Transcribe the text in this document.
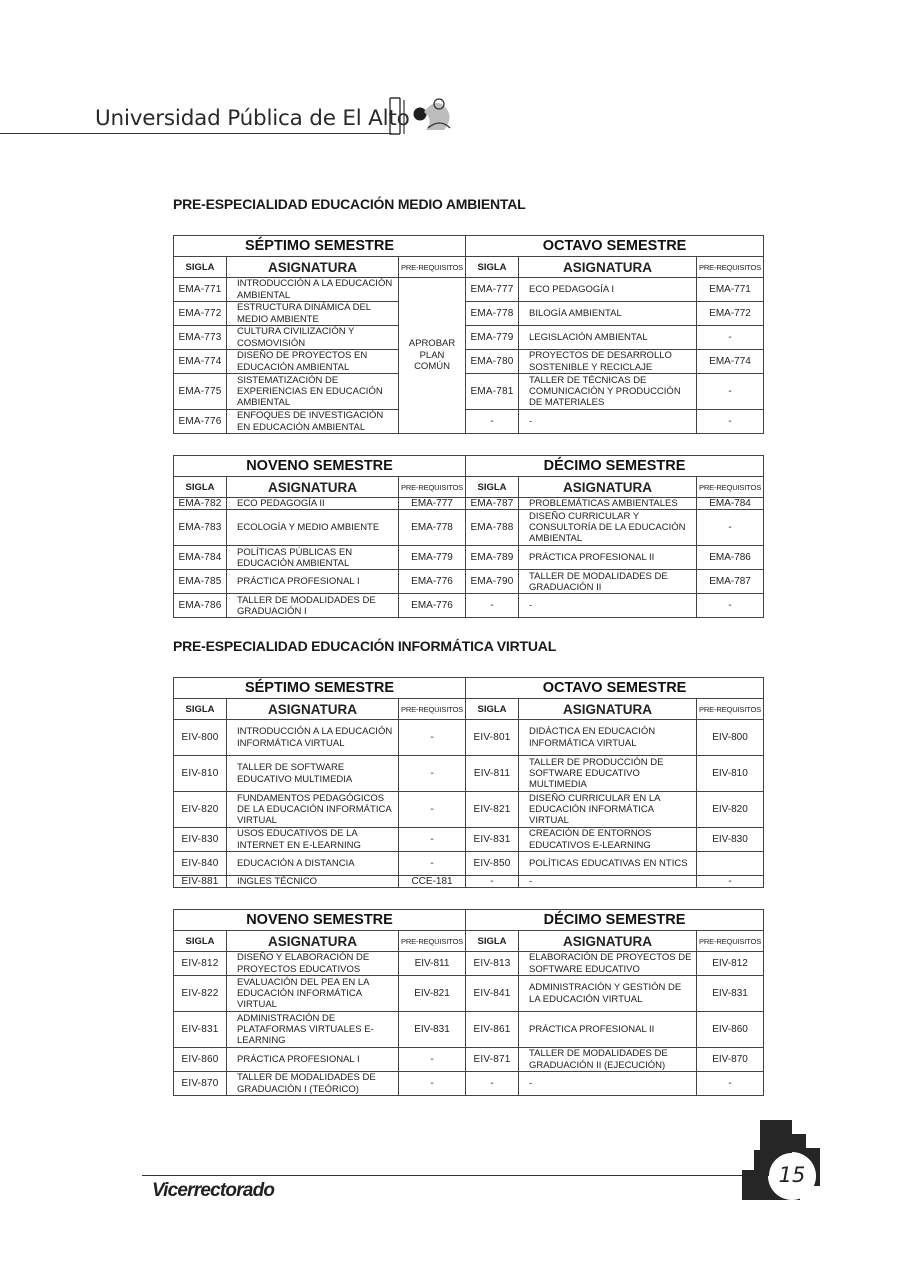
Universidad Pública de El Alto
PRE-ESPECIALIDAD EDUCACIÓN MEDIO AMBIENTAL
SÉPTIMO SEMESTRE			OCTAVO SEMESTRE		
SIGLA	ASIGNATURA	PRE-REQUISITOS	SIGLA	ASIGNATURA	PRE-REQUISITOS
EMA-771	INTRODUCCIÓN A LA EDUCACIÓN AMBIENTAL	APROBAR PLAN COMÚN	EMA-777	ECO PEDAGOGÍA I	EMA-771
EMA-772	ESTRUCTURA DINÁMICA DEL MEDIO AMBIENTE		EMA-778	BILOGÍA AMBIENTAL	EMA-772
EMA-773	CULTURA CIVILIZACIÓN Y COSMOVISIÓN		EMA-779	LEGISLACIÓN AMBIENTAL	-
EMA-774	DISEÑO DE PROYECTOS EN EDUCACIÓN AMBIENTAL		EMA-780	PROYECTOS DE DESARROLLO SOSTENIBLE Y RECICLAJE	EMA-774
EMA-775	SISTEMATIZACIÓN DE EXPERIENCIAS EN EDUCACIÓN AMBIENTAL		EMA-781	TALLER DE TÉCNICAS DE COMUNICACIÓN Y PRODUCCIÓN DE MATERIALES	-
EMA-776	ENFOQUES DE INVESTIGACIÓN EN EDUCACIÓN AMBIENTAL		-	-	-
NOVENO SEMESTRE			DÉCIMO SEMESTRE		
SIGLA	ASIGNATURA	PRE-REQUISITOS	SIGLA	ASIGNATURA	PRE-REQUISITOS
EMA-782	ECO PEDAGOGÍA II	EMA-777	EMA-787	PROBLEMÁTICAS AMBIENTALES	EMA-784
EMA-783	ECOLOGÍA Y MEDIO AMBIENTE	EMA-778	EMA-788	DISEÑO CURRICULAR Y CONSULTORÍA DE LA EDUCACIÓN AMBIENTAL	-
EMA-784	POLÍTICAS PÚBLICAS EN EDUCACIÓN AMBIENTAL	EMA-779	EMA-789	PRÁCTICA PROFESIONAL II	EMA-786
EMA-785	PRÁCTICA PROFESIONAL I	EMA-776	EMA-790	TALLER DE MODALIDADES DE GRADUACIÓN II	EMA-787
EMA-786	TALLER DE MODALIDADES DE GRADUACIÓN I	EMA-776	-	-	-
PRE-ESPECIALIDAD EDUCACIÓN INFORMÁTICA VIRTUAL
SÉPTIMO SEMESTRE			OCTAVO SEMESTRE		
SIGLA	ASIGNATURA	PRE-REQUISITOS	SIGLA	ASIGNATURA	PRE-REQUISITOS
EIV-800	INTRODUCCIÓN A LA EDUCACIÓN INFORMÁTICA VIRTUAL	-	EIV-801	DIDÁCTICA EN EDUCACIÓN INFORMÁTICA VIRTUAL	EIV-800
EIV-810	TALLER DE SOFTWARE EDUCATIVO MULTIMEDIA	-	EIV-811	TALLER DE PRODUCCIÓN DE SOFTWARE EDUCATIVO MULTIMEDIA	EIV-810
EIV-820	FUNDAMENTOS PEDAGÓGICOS DE LA EDUCACIÓN INFORMÁTICA VIRTUAL	-	EIV-821	DISEÑO CURRICULAR EN LA EDUCACIÓN INFORMÁTICA VIRTUAL	EIV-820
EIV-830	USOS EDUCATIVOS DE LA INTERNET EN E-LEARNING	-	EIV-831	CREACIÓN DE ENTORNOS EDUCATIVOS E-LEARNING	EIV-830
EIV-840	EDUCACIÓN A DISTANCIA	-	EIV-850	POLÍTICAS EDUCATIVAS EN NTICS	
EIV-881	INGLES TÉCNICO	CCE-181	-	-	-
NOVENO SEMESTRE			DÉCIMO SEMESTRE		
SIGLA	ASIGNATURA	PRE-REQUISITOS	SIGLA	ASIGNATURA	PRE-REQUISITOS
EIV-812	DISEÑO Y ELABORACIÓN DE PROYECTOS EDUCATIVOS	EIV-811	EIV-813	ELABORACIÓN DE PROYECTOS DE SOFTWARE EDUCATIVO	EIV-812
EIV-822	EVALUACIÓN DEL PEA EN LA EDUCACIÓN INFORMÁTICA VIRTUAL	EIV-821	EIV-841	ADMINISTRACIÓN Y GESTIÓN DE LA EDUCACIÓN VIRTUAL	EIV-831
EIV-831	ADMINISTRACIÓN DE PLATAFORMAS VIRTUALES E-LEARNING	EIV-831	EIV-861	PRÁCTICA PROFESIONAL II	EIV-860
EIV-860	PRÁCTICA PROFESIONAL I	-	EIV-871	TALLER DE MODALIDADES DE GRADUACIÓN II (EJECUCIÓN)	EIV-870
EIV-870	TALLER DE MODALIDADES DE GRADUACIÓN I (TEÓRICO)	-	-	-	-
Vicerrectorado
15
